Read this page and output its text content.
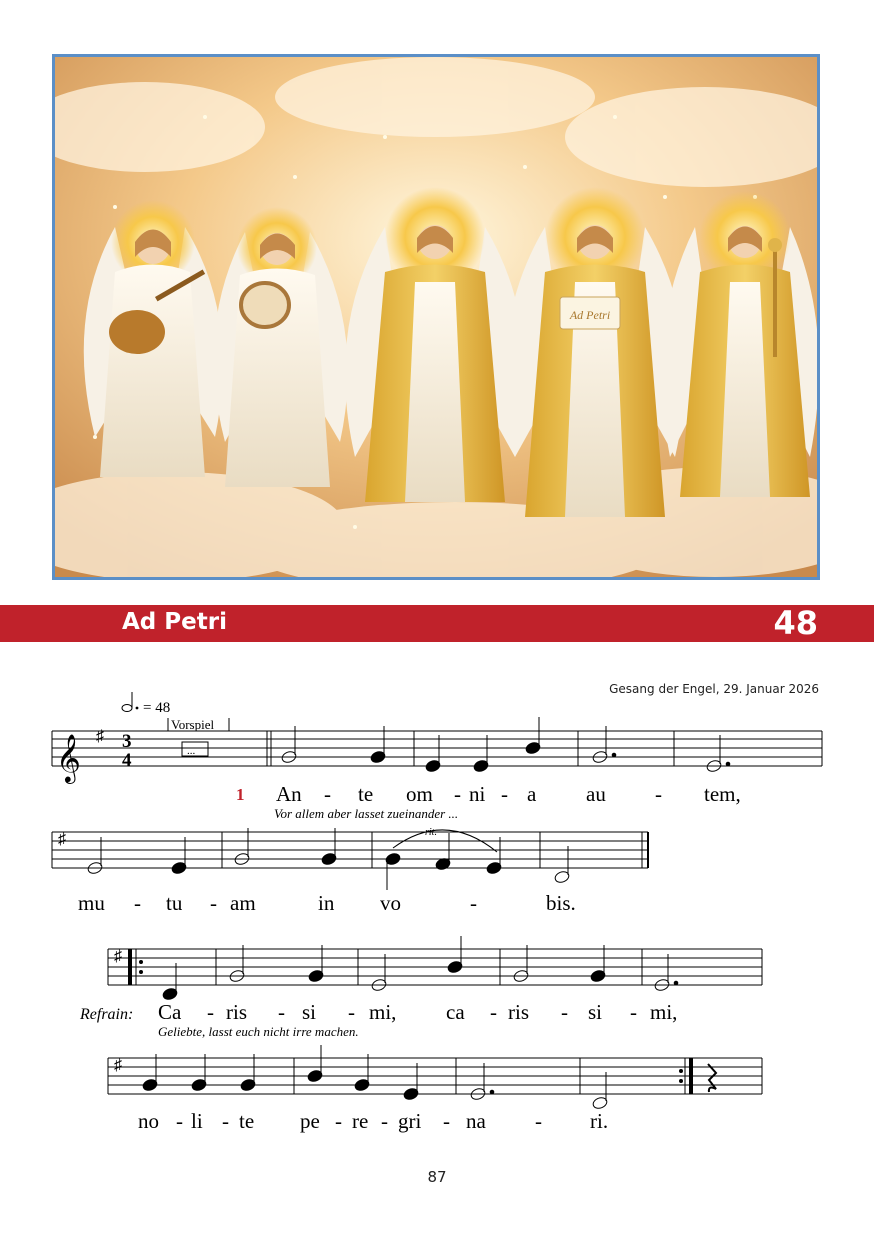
Ad Petri
Ad Petri	48
Gesang der Engel, 29. Januar 2026
𝄞 ♯
♯
♯
♯
3
4
= 48
Vorspiel
...
rit.
1 An - te om - ni - a au - tem,
Vor allem aber lasset zueinander ...
mu - tu - am	in vo	-	bis.
Refrain: Ca - ris - si - mi, ca - ris - si - mi,
Geliebte, lasst euch nicht irre machen.
no - li - te pe - re - gri - na - ri.
87
